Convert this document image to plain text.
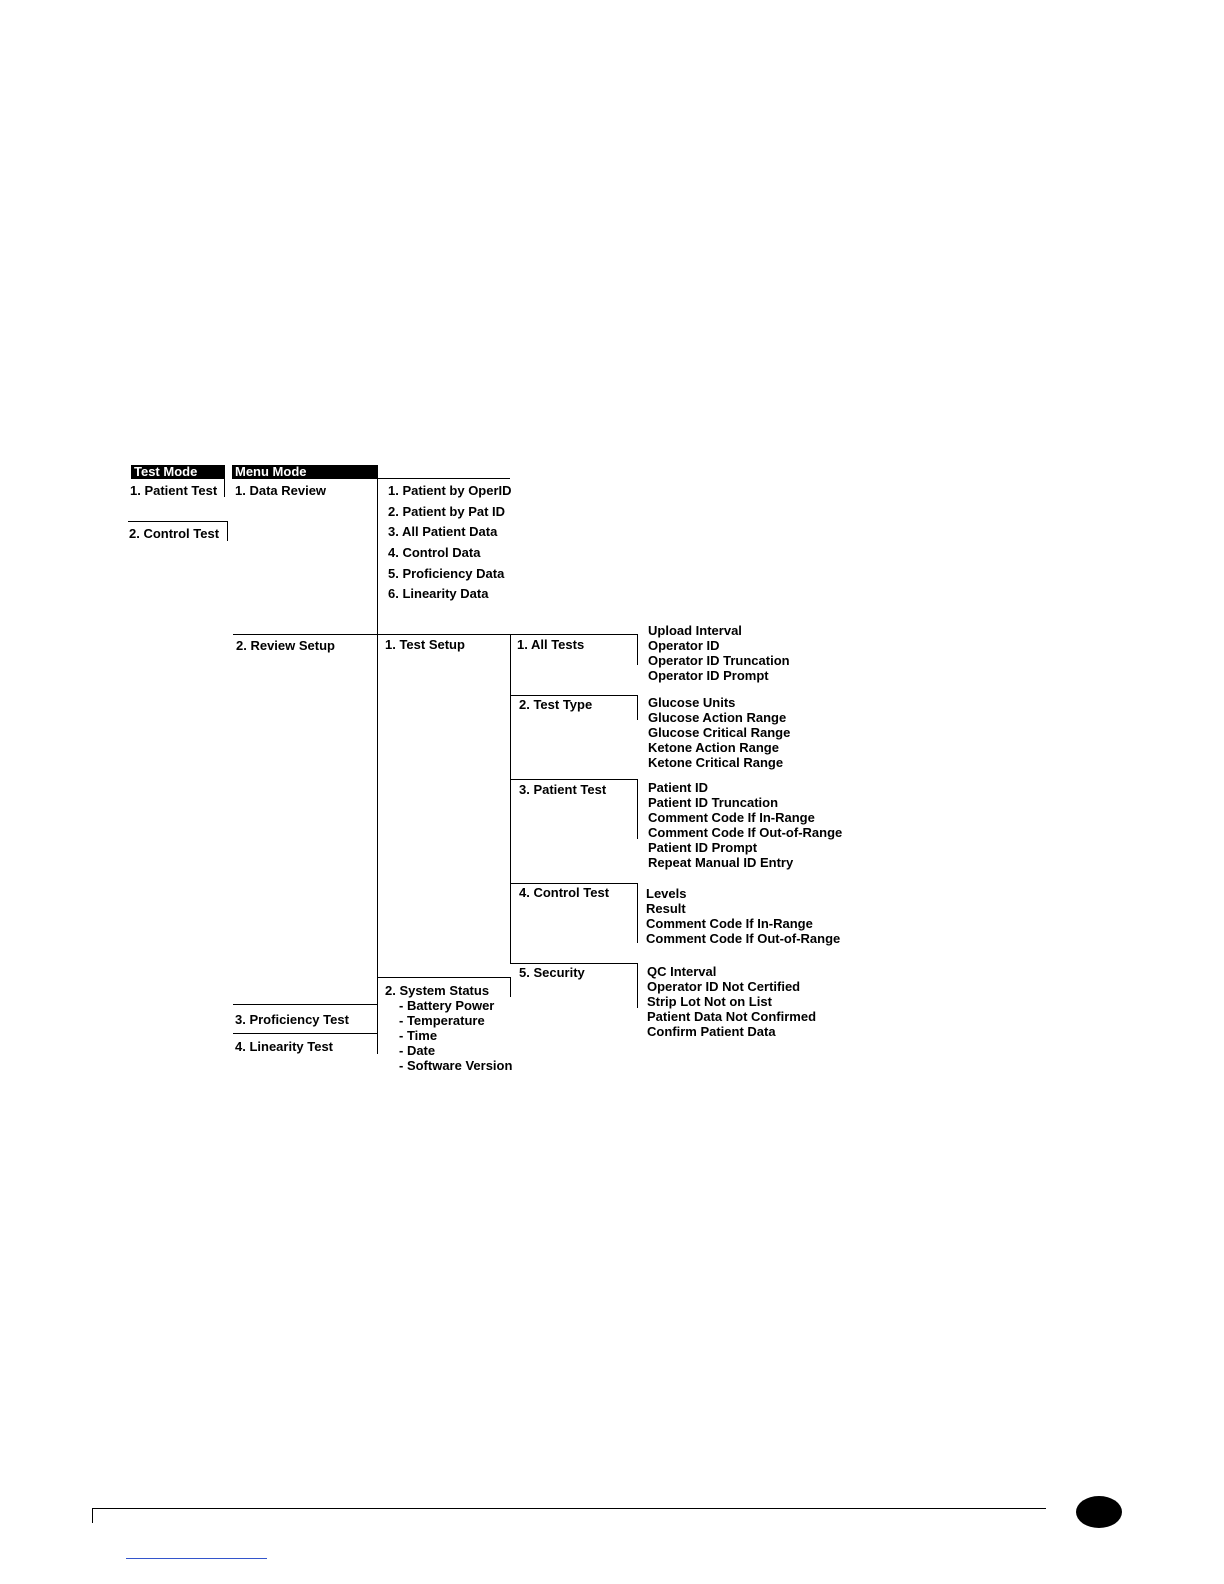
Test Mode	Menu Mode
1. Patient Test
2. Control Test
1. Data Review
2. Review Setup
3. Proficiency Test
4. Linearity Test
1. Patient by OperID
2. Patient by Pat ID
3. All Patient Data
4. Control Data
5. Proficiency Data
6. Linearity Data
1. Test Setup
2. System Status
- Battery Power
- Temperature
- Time
- Date
- Software Version
1. All Tests
Upload Interval
Operator ID
Operator ID Truncation
Operator ID Prompt
2. Test Type	Glucose Units
Glucose Action Range
Glucose Critical Range
Ketone Action Range
Ketone Critical Range
3. Patient Test	Patient ID
Patient ID Truncation
Comment Code If In-Range
Comment Code If Out-of-Range
Patient ID Prompt
Repeat Manual ID Entry
4. Control Test	Levels
Result
Comment Code If In-Range
Comment Code If Out-of-Range
5. Security	QC Interval
Operator ID Not Certified
Strip Lot Not on List
Patient Data Not Confirmed
Confirm Patient Data
